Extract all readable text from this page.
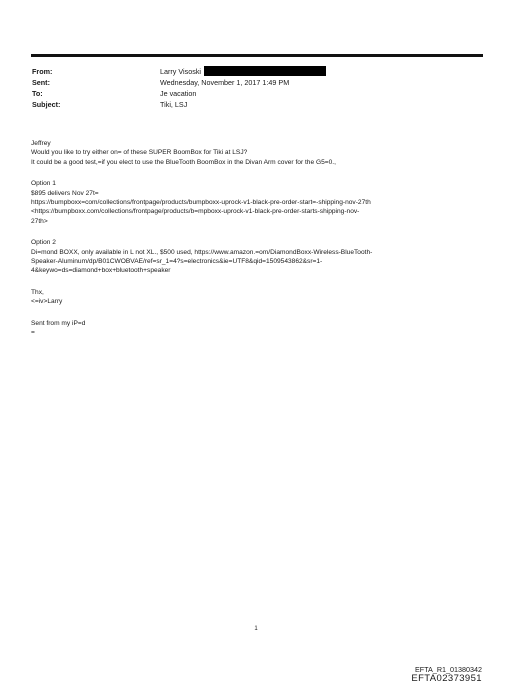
From:	Larry Visoski
Sent:	Wednesday, November 1, 2017 1:49 PM
To:	Je vacation
Subject:	Tiki, LSJ
Jeffrey
Would you like to try either on= of these SUPER BoomBox for Tiki at LSJ?
It could be a good test,=if you elect to use the BlueTooth BoomBox in the Divan Arm cover for the G5=0.,
Option 1
$895 delivers Nov 27t=
https://bumpboxx=com/collections/frontpage/products/bumpboxx-uprock-v1-black-pre-order-start=-shipping-nov-27th
<https://bumpboxx.com/collections/frontpage/products/b=mpboxx-uprock-v1-black-pre-order-starts-shipping-nov-
27th>
Option 2
Di=mond BOXX, only available in L not XL., $500 used, https://www.amazon.=om/DiamondBoxx-Wireless-BlueTooth-
Speaker-Aluminum/dp/B01CWOBVAE/ref=sr_1=4?s=electronics&ie=UTF8&qid=1509543862&sr=1-
4&keywo=ds=diamond+box+bluetooth+speaker
Thx,
<=iv>Larry
Sent from my iP=d
=
1
EFTA_R1_01380342
EFTA02373951
